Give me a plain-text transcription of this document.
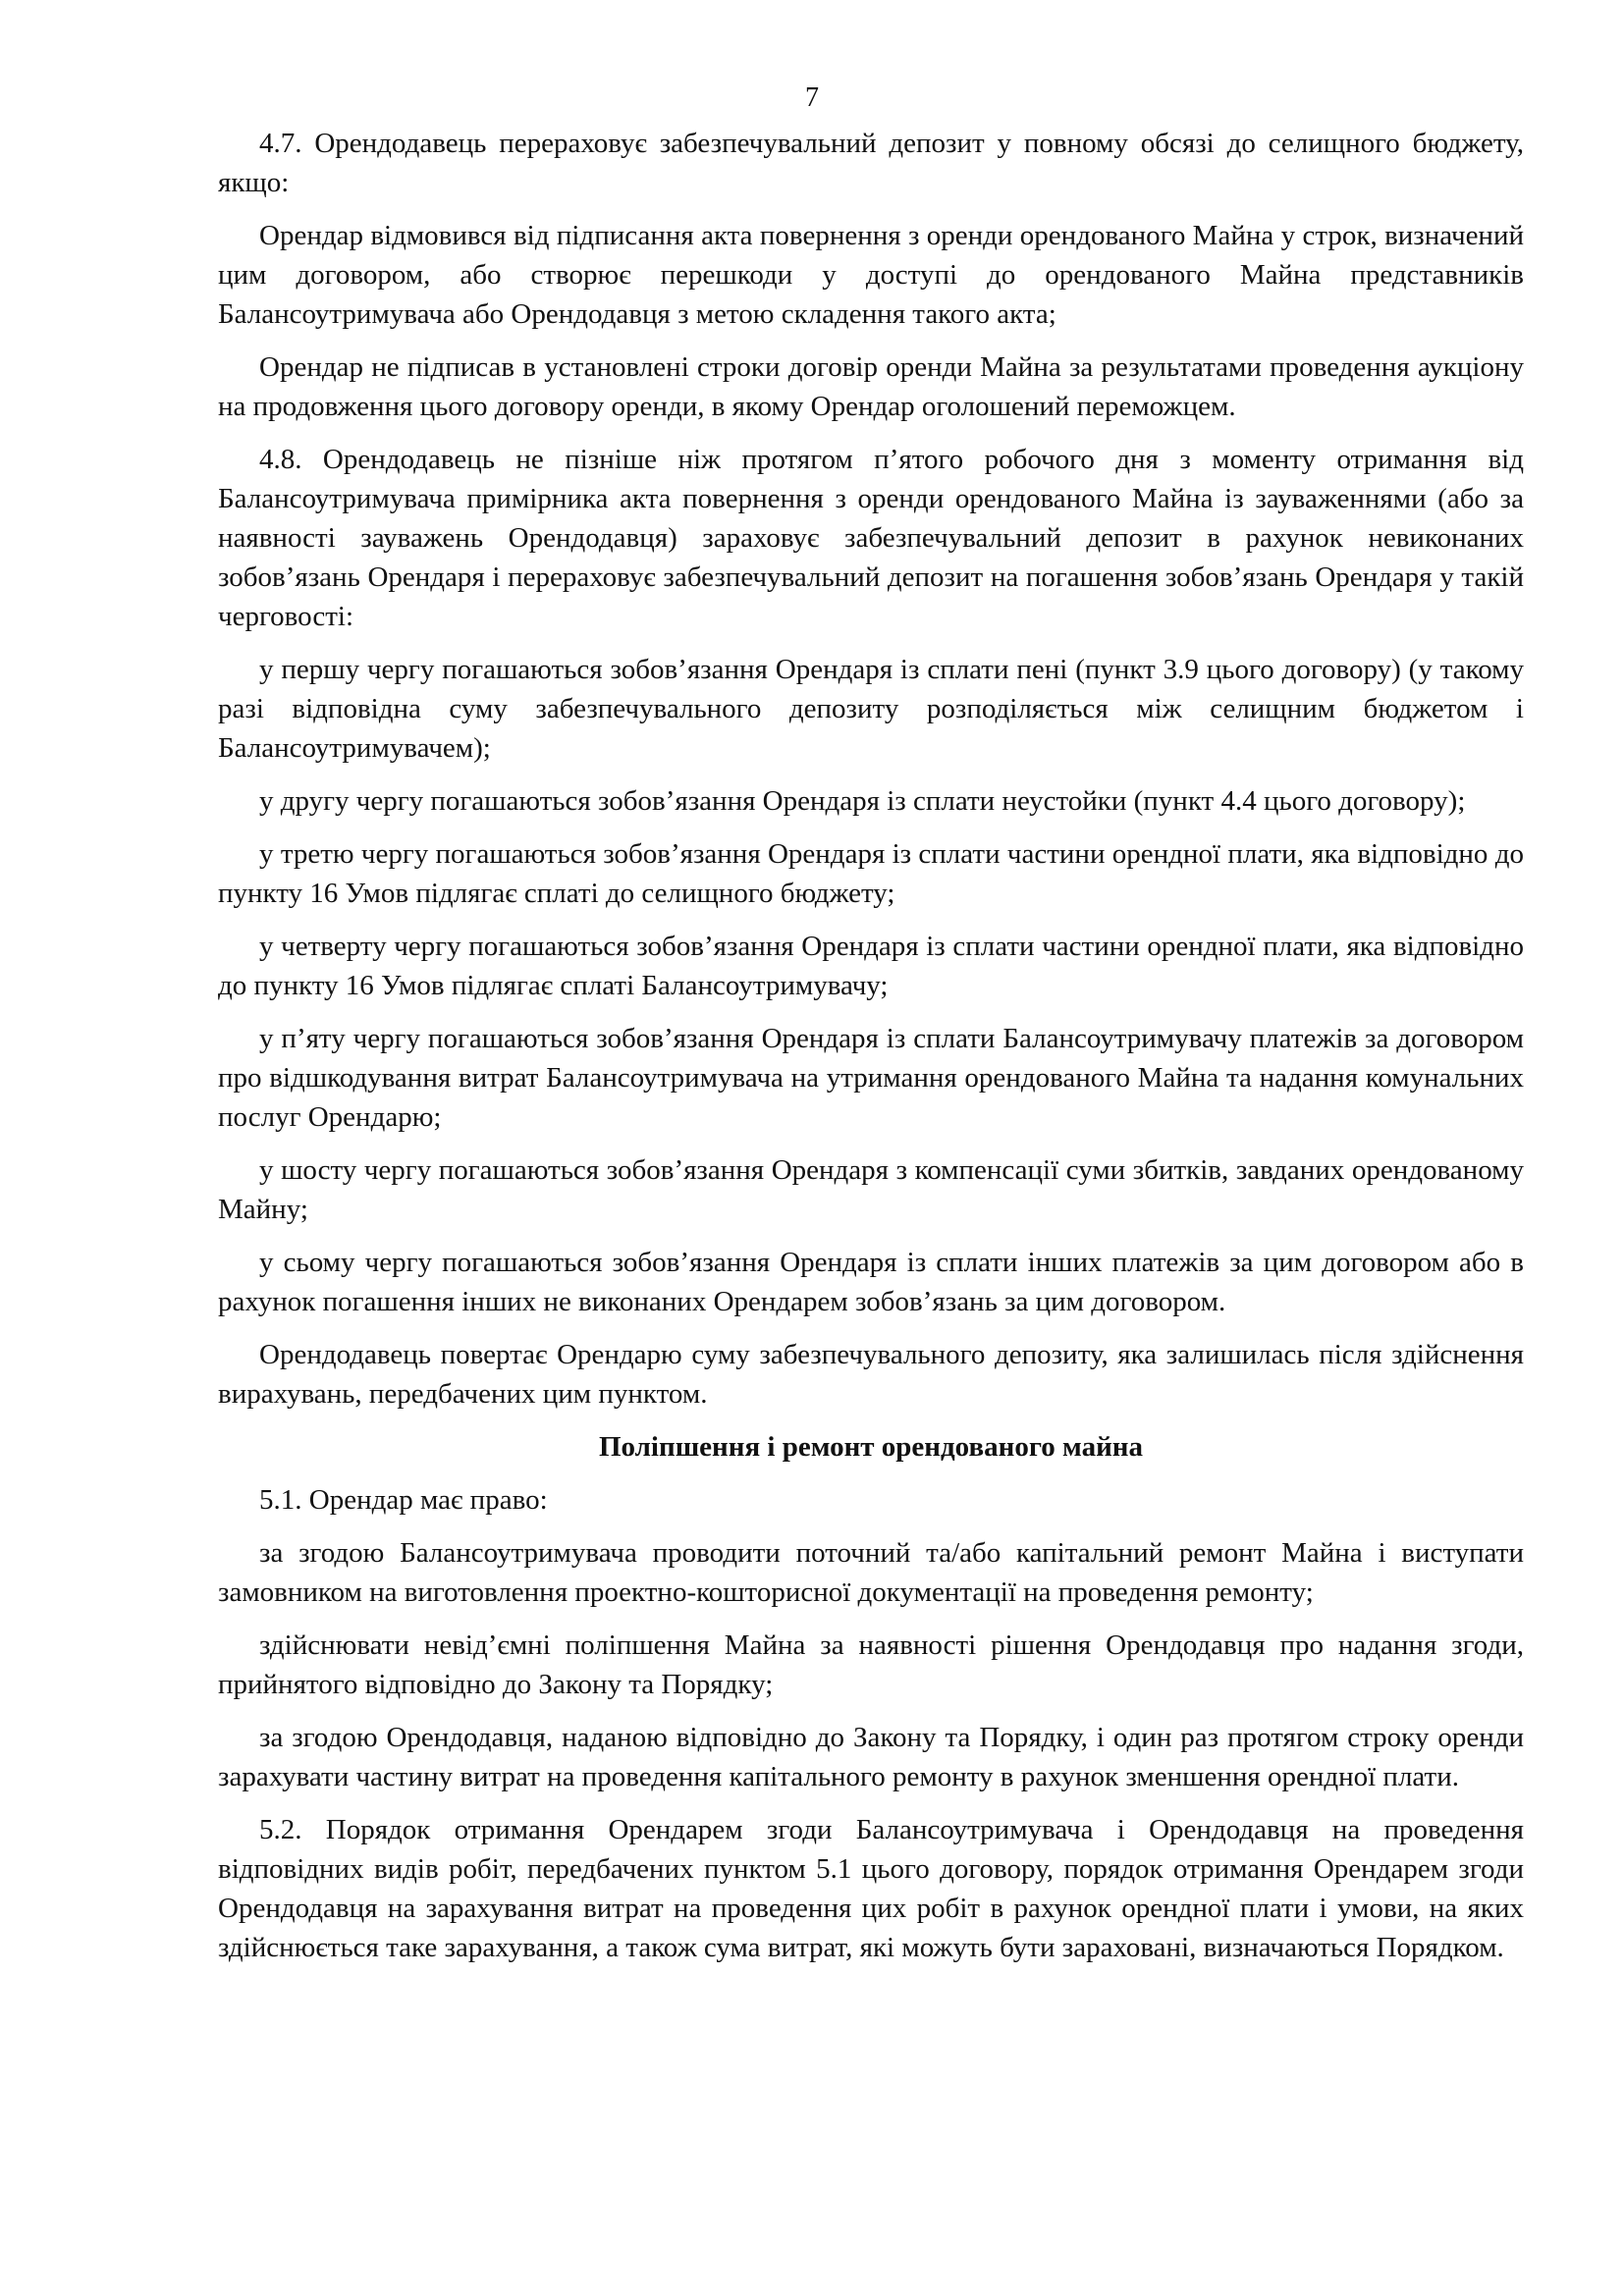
7

4.7. Орендодавець перераховує забезпечувальний депозит у повному обсязі до селищного бюджету, якщо:

Орендар відмовився від підписання акта повернення з оренди орендованого Майна у строк, визначений цим договором, або створює перешкоди у доступі до орендованого Майна представників Балансоутримувача або Орендодавця з метою складення такого акта;

Орендар не підписав в установлені строки договір оренди Майна за результатами проведення аукціону на продовження цього договору оренди, в якому Орендар оголошений переможцем.

4.8. Орендодавець не пізніше ніж протягом п’ятого робочого дня з моменту отримання від Балансоутримувача примірника акта повернення з оренди орендованого Майна із зауваженнями (або за наявності зауважень Орендодавця) зараховує забезпечувальний депозит в рахунок невиконаних зобов’язань Орендаря і перераховує забезпечувальний депозит на погашення зобов’язань Орендаря у такій черговості:

у першу чергу погашаються зобов’язання Орендаря із сплати пені (пункт 3.9 цього договору) (у такому разі відповідна суму забезпечувального депозиту розподіляється між селищним бюджетом і Балансоутримувачем);

у другу чергу погашаються зобов’язання Орендаря із сплати неустойки (пункт 4.4 цього договору);

у третю чергу погашаються зобов’язання Орендаря із сплати частини орендної плати, яка відповідно до пункту 16 Умов підлягає сплаті до селищного бюджету;

у четверту чергу погашаються зобов’язання Орендаря із сплати частини орендної плати, яка відповідно до пункту 16 Умов підлягає сплаті Балансоутримувачу;

у п’яту чергу погашаються зобов’язання Орендаря із сплати Балансоутримувачу платежів за договором про відшкодування витрат Балансоутримувача на утримання орендованого Майна та надання комунальних послуг Орендарю;

у шосту чергу погашаються зобов’язання Орендаря з компенсації суми збитків, завданих орендованому Майну;

у сьому чергу погашаються зобов’язання Орендаря із сплати інших платежів за цим договором або в рахунок погашення інших не виконаних Орендарем зобов’язань за цим договором.

Орендодавець повертає Орендарю суму забезпечувального депозиту, яка залишилась після здійснення вирахувань, передбачених цим пунктом.

Поліпшення і ремонт орендованого майна

5.1. Орендар має право:

за згодою Балансоутримувача проводити поточний та/або капітальний ремонт Майна і виступати замовником на виготовлення проектно-кошторисної документації на проведення ремонту;

здійснювати невід’ємні поліпшення Майна за наявності рішення Орендодавця про надання згоди, прийнятого відповідно до Закону та Порядку;

за згодою Орендодавця, наданою відповідно до Закону та Порядку, і один раз протягом строку оренди зарахувати частину витрат на проведення капітального ремонту в рахунок зменшення орендної плати.

5.2. Порядок отримання Орендарем згоди Балансоутримувача і Орендодавця на проведення відповідних видів робіт, передбачених пунктом 5.1 цього договору, порядок отримання Орендарем згоди Орендодавця на зарахування витрат на проведення цих робіт в рахунок орендної плати і умови, на яких здійснюється таке зарахування, а також сума витрат, які можуть бути зараховані, визначаються Порядком.
